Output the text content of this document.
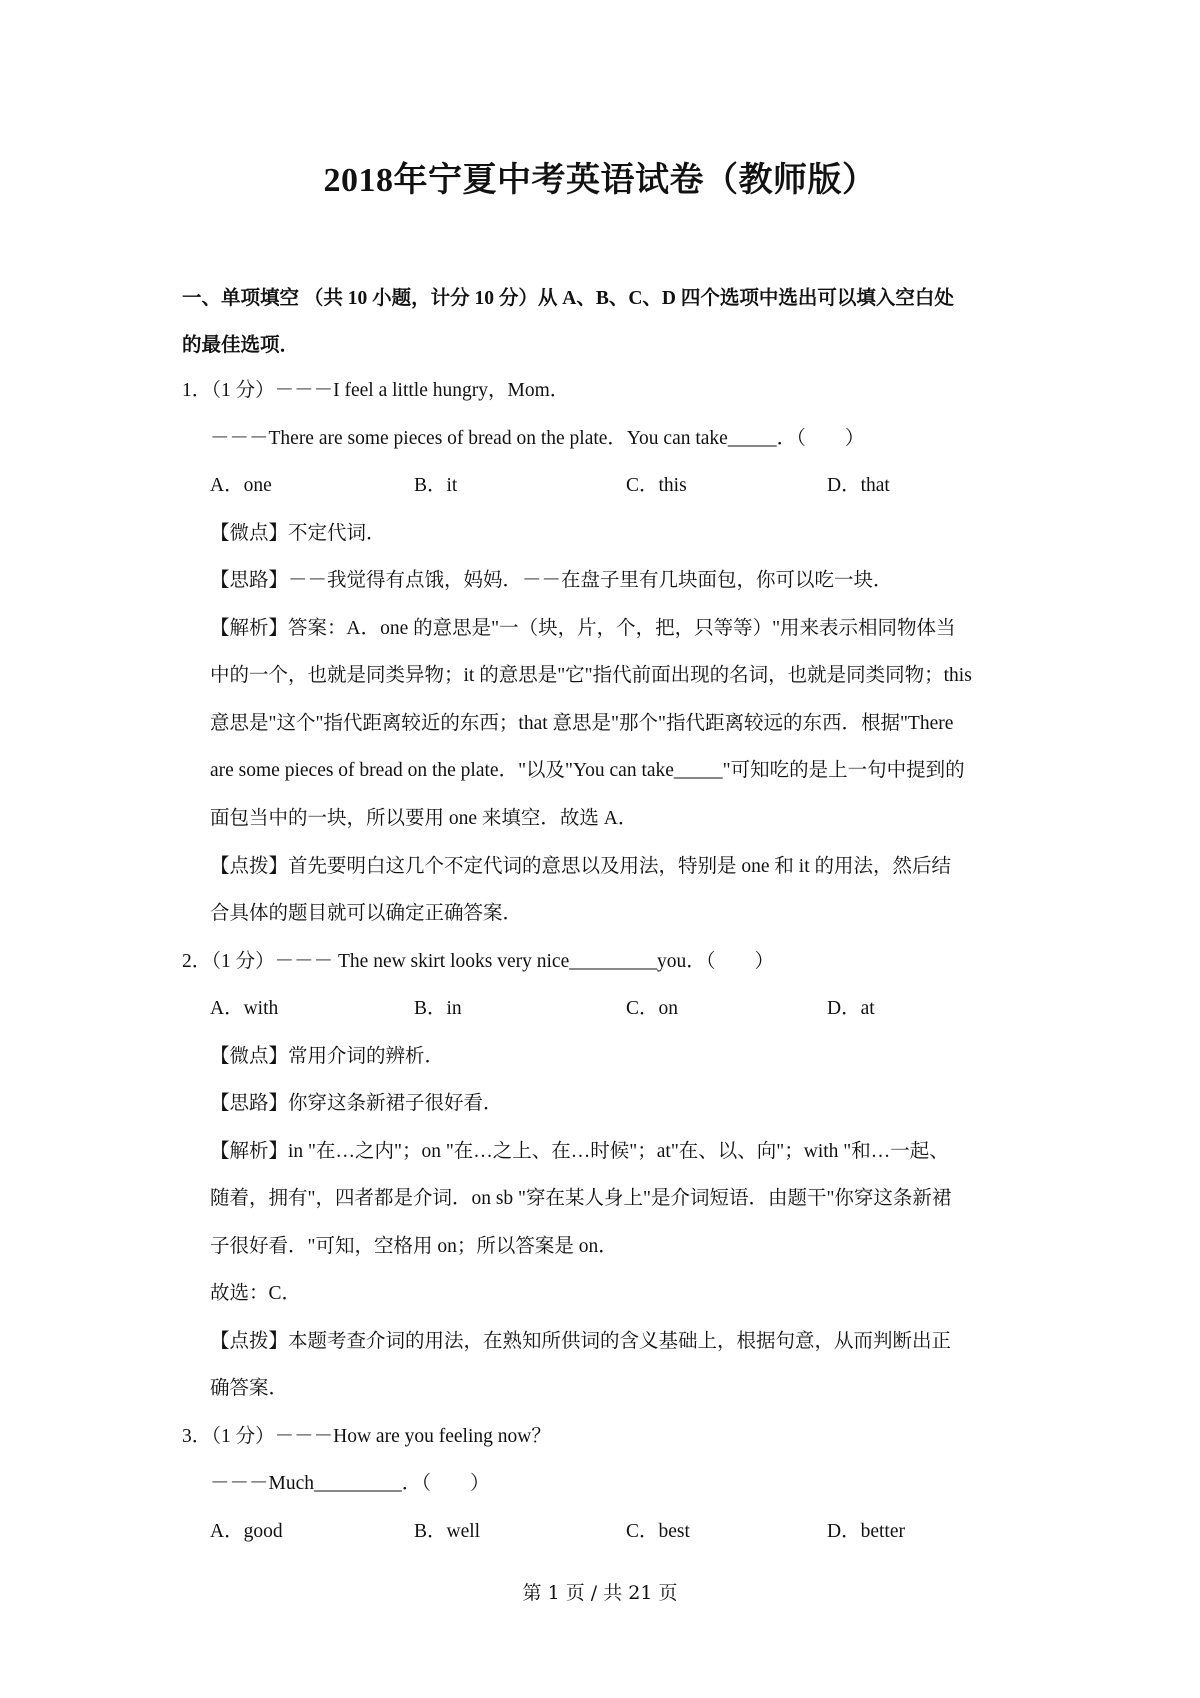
2018年宁夏中考英语试卷（教师版）
一、单项填空 （共 10 小题，计分 10 分）从 A、B、C、D 四个选项中选出可以填入空白处
的最佳选项．
1．（1 分）－－－I feel a little hungry，Mom．
－－－There are some pieces of bread on the plate．You can take_____．（　　）
A．one	B．it	C．this	D．that
【微点】不定代词．
【思路】－－我觉得有点饿，妈妈．－－在盘子里有几块面包，你可以吃一块．
【解析】答案：A．one 的意思是"一（块，片，个，把，只等等）"用来表示相同物体当
中的一个，也就是同类异物；it 的意思是"它"指代前面出现的名词，也就是同类同物；this
意思是"这个"指代距离较近的东西；that 意思是"那个"指代距离较远的东西．根据"There
are some pieces of bread on the plate．"以及"You can take_____"可知吃的是上一句中提到的
面包当中的一块，所以要用 one 来填空．故选 A．
【点拨】首先要明白这几个不定代词的意思以及用法，特别是 one 和 it 的用法，然后结
合具体的题目就可以确定正确答案．
2．（1 分）－－－ The new skirt looks very nice_________you．（　　）
A．with	B．in	C．on	D．at
【微点】常用介词的辨析．
【思路】你穿这条新裙子很好看．
【解析】in "在…之内"；on "在…之上、在…时候"；at"在、以、向"；with "和…一起、
随着，拥有"，四者都是介词．on sb "穿在某人身上"是介词短语．由题干"你穿这条新裙
子很好看．"可知，空格用 on；所以答案是 on．
故选：C．
【点拨】本题考查介词的用法，在熟知所供词的含义基础上，根据句意，从而判断出正
确答案．
3．（1 分）－－－How are you feeling now？
－－－Much_________．（　　）
A．good	B．well	C．best	D．better
第 1 页 / 共 21 页
